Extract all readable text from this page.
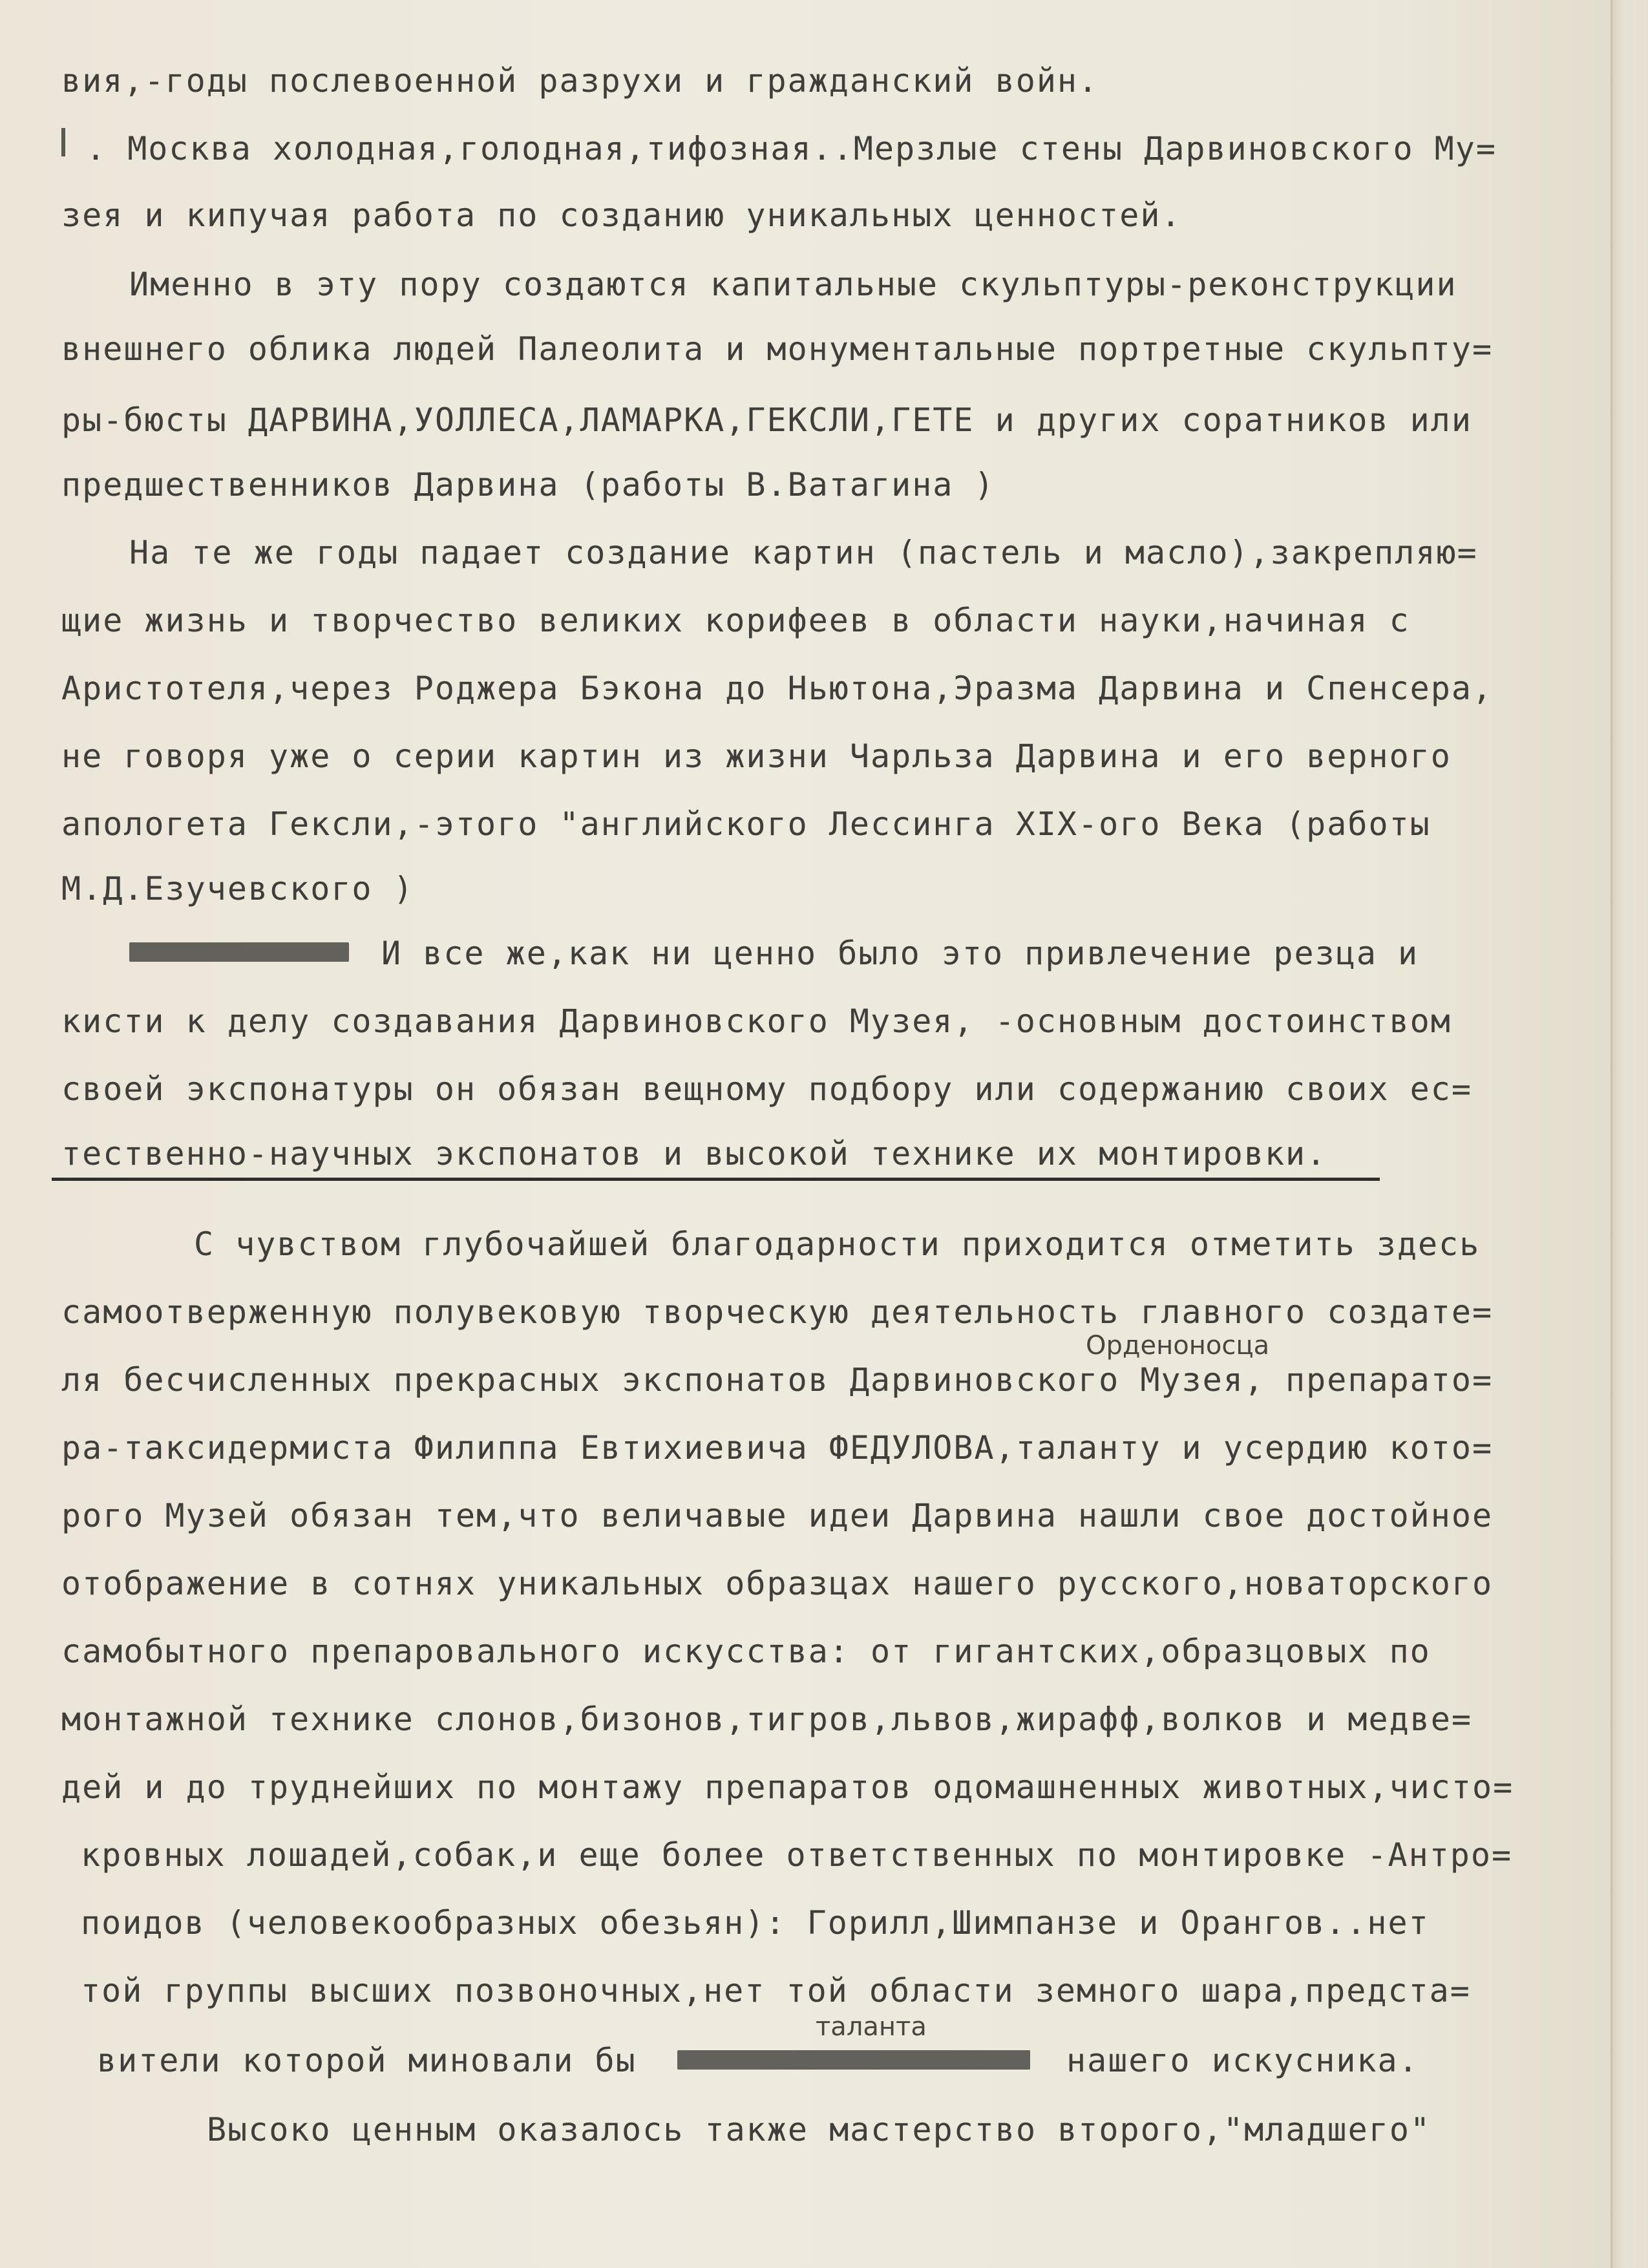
вия,-годы послевоенной разрухи и гражданский войн.
. Москва холодная,голодная,тифозная..Мерзлые стены Дарвиновского Му=
зея и кипучая работа по созданию уникальных ценностей.
Именно в эту пору создаются капитальные скульптуры-реконструкции
внешнего облика людей Палеолита и монументальные портретные скульпту=
ры-бюсты ДАРВИНА,УОЛЛЕСА,ЛАМАРКА,ГЕКСЛИ,ГЕТЕ и других соратников или
предшественников Дарвина (работы В.Ватагина )
На те же годы падает создание картин (пастель и масло),закрепляю=
щие жизнь и творчество великих корифеев в области науки,начиная с
Аристотеля,через Роджера Бэкона до Ньютона,Эразма Дарвина и Спенсера,
не говоря уже о серии картин из жизни Чарльза Дарвина и его верного
апологета Гексли,-этого "английского Лессинга XIX-ого Века (работы
М.Д.Езучевского )
И все же,как ни ценно было это привлечение резца и
кисти к делу создавания Дарвиновского Музея, -основным достоинством
своей экспонатуры он обязан вещному подбору или содержанию своих ес=
тественно-научных экспонатов и высокой технике их монтировки.
С чувством глубочайшей благодарности приходится отметить здесь
самоотверженную полувековую творческую деятельность главного создате=
Орденоносца
ля бесчисленных прекрасных экспонатов Дарвиновского Музея, препарато=
ра-таксидермиста Филиппа Евтихиевича ФЕДУЛОВА,таланту и усердию кото=
рого Музей обязан тем,что величавые идеи Дарвина нашли свое достойное
отображение в сотнях уникальных образцах нашего русского,новаторского
самобытного препаровального искусства: от гигантских,образцовых по
монтажной технике слонов,бизонов,тигров,львов,жирафф,волков и медве=
дей и до труднейших по монтажу препаратов одомашненных животных,чисто=
кровных лошадей,собак,и еще более ответственных по монтировке -Антро=
поидов (человекообразных обезьян): Горилл,Шимпанзе и Орангов..нет
той группы высших позвоночных,нет той области земного шара,предста=
таланта
вители которой миновали бы	нашего искусника.
Высоко ценным оказалось также мастерство второго,"младшего"
